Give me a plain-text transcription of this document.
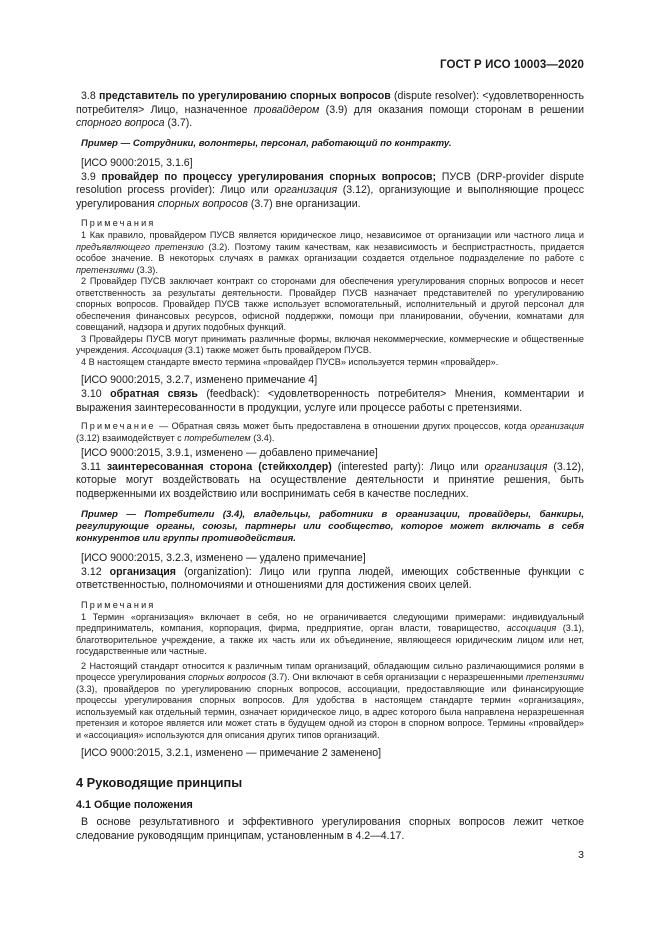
ГОСТ Р ИСО 10003—2020

3.8 представитель по урегулированию спорных вопросов (dispute resolver): <удовлетворенность потребителя> Лицо, назначенное провайдером (3.9) для оказания помощи сторонам в решении спорного вопроса (3.7).

Пример — Сотрудники, волонтеры, персонал, работающий по контракту.

[ИСО 9000:2015, 3.1.6]

3.9 провайдер по процессу урегулирования спорных вопросов; ПУСВ (DRP-provider dispute resolution process provider): Лицо или организация (3.12), организующие и выполняющие процесс урегулирования спорных вопросов (3.7) вне организации.

Примечания

1 Как правило, провайдером ПУСВ является юридическое лицо, независимое от организации или частного лица и предъявляющего претензию (3.2). Поэтому таким качествам, как независимость и беспристрастность, придается особое значение. В некоторых случаях в рамках организации создается отдельное подразделение по работе с претензиями (3.3).

2 Провайдер ПУСВ заключает контракт со сторонами для обеспечения урегулирования спорных вопросов и несет ответственность за результаты деятельности. Провайдер ПУСВ назначает представителей по урегулированию спорных вопросов. Провайдер ПУСВ также использует вспомогательный, исполнительный и другой персонал для обеспечения финансовых ресурсов, офисной поддержки, помощи при планировании, обучении, комнатами для совещаний, надзора и других подобных функций.

3 Провайдеры ПУСВ могут принимать различные формы, включая некоммерческие, коммерческие и общественные учреждения. Ассоциация (3.1) также может быть провайдером ПУСВ.

4 В настоящем стандарте вместо термина «провайдер ПУСВ» используется термин «провайдер».

[ИСО 9000:2015, 3.2.7, изменено примечание 4]

3.10 обратная связь (feedback): <удовлетворенность потребителя> Мнения, комментарии и выражения заинтересованности в продукции, услуге или процессе работы с претензиями.

Примечание — Обратная связь может быть предоставлена в отношении других процессов, когда организация (3.12) взаимодействует с потребителем (3.4).

[ИСО 9000:2015, 3.9.1, изменено — добавлено примечание]

3.11 заинтересованная сторона (стейкхолдер) (interested party): Лицо или организация (3.12), которые могут воздействовать на осуществление деятельности и принятие решения, быть подверженными их воздействию или воспринимать себя в качестве последних.

Пример — Потребители (3.4), владельцы, работники в организации, провайдеры, банкиры, регулирующие органы, союзы, партнеры или сообщество, которое может включать в себя конкурентов или группы противодействия.

[ИСО 9000:2015, 3.2.3, изменено — удалено примечание]

3.12 организация (organization): Лицо или группа людей, имеющих собственные функции с ответственностью, полномочиями и отношениями для достижения своих целей.

Примечания

1 Термин «организация» включает в себя, но не ограничивается следующими примерами: индивидуальный предприниматель, компания, корпорация, фирма, предприятие, орган власти, товарищество, ассоциация (3.1), благотворительное учреждение, а также их часть или их объединение, являющееся юридическим лицом или нет, государственные или частные.

2 Настоящий стандарт относится к различным типам организаций, обладающим сильно различающимися ролями в процессе урегулирования спорных вопросов (3.7). Они включают в себя организации с неразрешенными претензиями (3.3), провайдеров по урегулированию спорных вопросов, ассоциации, предоставляющие или финансирующие процессы урегулирования спорных вопросов. Для удобства в настоящем стандарте термин «организация», используемый как отдельный термин, означает юридическое лицо, в адрес которого была направлена неразрешенная претензия и которое является или может стать в будущем одной из сторон в спорном вопросе. Термины «провайдер» и «ассоциация» используются для описания других типов организаций.

[ИСО 9000:2015, 3.2.1, изменено — примечание 2 заменено]

4 Руководящие принципы
4.1 Общие положения

В основе результативного и эффективного урегулирования спорных вопросов лежит четкое следование руководящим принципам, установленным в 4.2—4.17.

3
